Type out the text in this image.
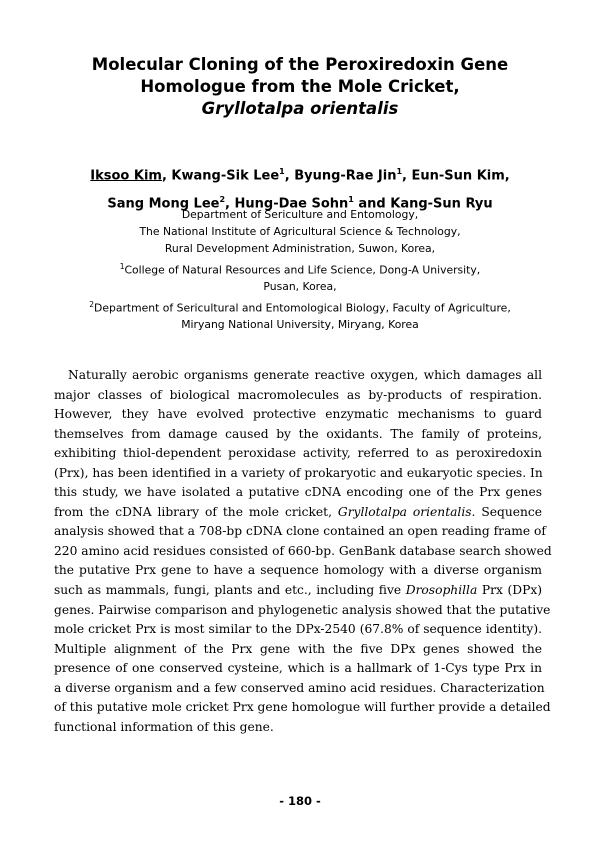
Molecular Cloning of the Peroxiredoxin Gene
Homologue from the Mole Cricket,
Gryllotalpa orientalis
Iksoo Kim, Kwang-Sik Lee$^1$, Byung-Rae Jin$^1$, Eun-Sun Kim,
Sang Mong Lee$^2$, Hung-Dae Sohn$^1$ and Kang-Sun Ryu
Department of Sericulture and Entomology,
The National Institute of Agricultural Science & Technology,
Rural Development Administration, Suwon, Korea,
$^1$College of Natural Resources and Life Science, Dong-A University,
Pusan, Korea,
$^2$Department of Sericultural and Entomological Biology, Faculty of Agriculture,
Miryang National University, Miryang, Korea
Naturally aerobic organisms generate reactive oxygen, which damages all
major classes of biological macromolecules as by-products of respiration.
However, they have evolved protective enzymatic mechanisms to guard
themselves from damage caused by the oxidants. The family of proteins,
exhibiting thiol-dependent peroxidase activity, referred to as peroxiredoxin
(Prx), has been identified in a variety of prokaryotic and eukaryotic species. In
this study, we have isolated a putative cDNA encoding one of the Prx genes
from the cDNA library of the mole cricket, Gryllotalpa orientalis. Sequence
analysis showed that a 708-bp cDNA clone contained an open reading frame of
220 amino acid residues consisted of 660-bp. GenBank database search showed
the putative Prx gene to have a sequence homology with a diverse organism
such as mammals, fungi, plants and etc., including five Drosophilla Prx (DPx)
genes. Pairwise comparison and phylogenetic analysis showed that the putative
mole cricket Prx is most similar to the DPx-2540 (67.8% of sequence identity).
Multiple alignment of the Prx gene with the five DPx genes showed the
presence of one conserved cysteine, which is a hallmark of 1-Cys type Prx in
a diverse organism and a few conserved amino acid residues. Characterization
of this putative mole cricket Prx gene homologue will further provide a detailed
functional information of this gene.
- 180 -
